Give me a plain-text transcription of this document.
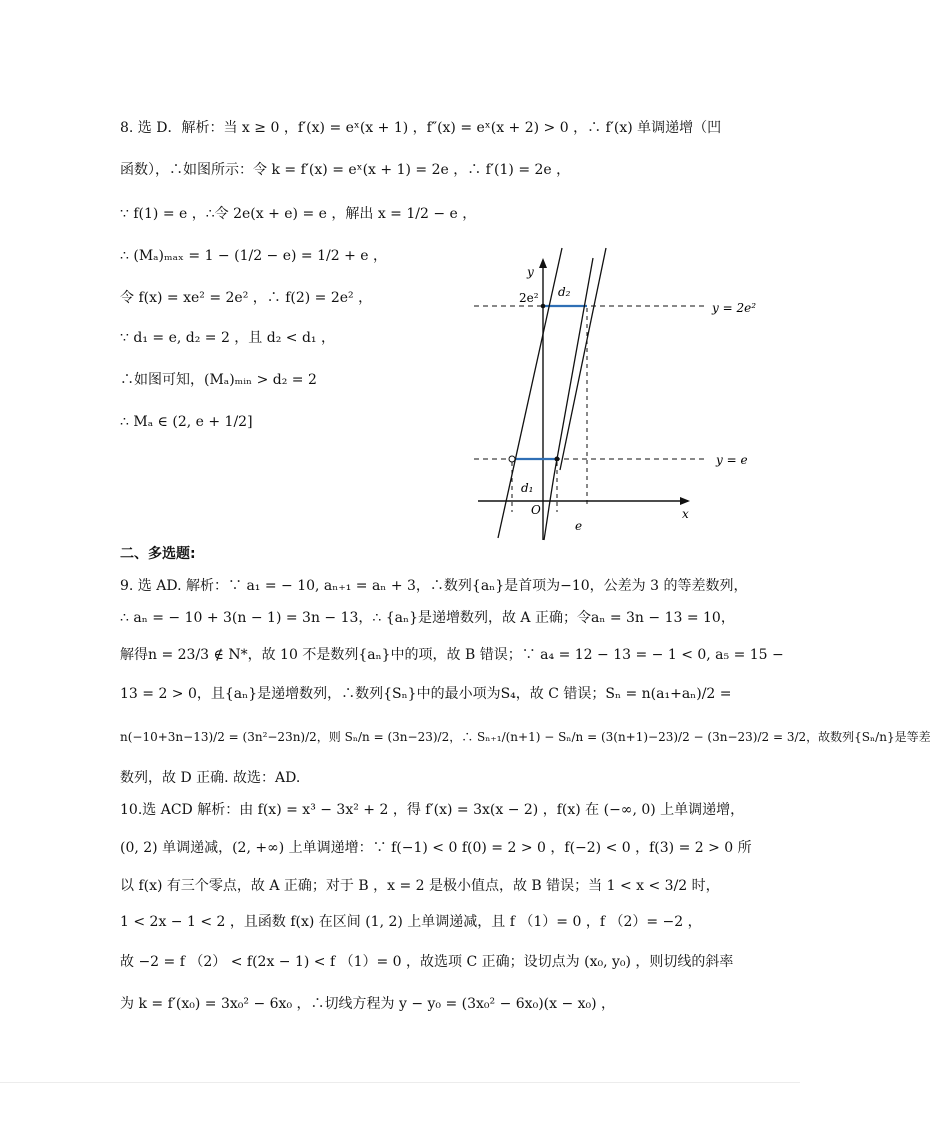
8. 选 D．解析：当 x ≥ 0 ，f′(x) = eˣ(x + 1) ，f″(x) = eˣ(x + 2) > 0 ，∴ f′(x) 单调递增（凹
函数），∴如图所示：令 k = f′(x) = eˣ(x + 1) = 2e ，∴ f′(1) = 2e ，
∵ f(1) = e ，∴令 2e(x + e) = e ，解出 x = 1/2 − e ，
∴ (Mₐ)ₘₐₓ = 1 − (1/2 − e) = 1/2 + e ，
令 f(x) = xe² = 2e² ，∴ f(2) = 2e² ，
∵ d₁ = e, d₂ = 2 ，且 d₂ < d₁ ，
∴如图可知，(Mₐ)ₘᵢₙ > d₂ = 2
∴ Mₐ ∈ (2, e + 1/2]
y
x
O
2e² d₂
d₁
e
y = 2e²
y = e
二、多选题:
9. 选 AD. 解析：∵ a₁ = − 10, aₙ₊₁ = aₙ + 3，∴数列{aₙ}是首项为−10，公差为 3 的等差数列，
∴ aₙ = − 10 + 3(n − 1) = 3n − 13，∴ {aₙ}是递增数列，故 A 正确；令aₙ = 3n − 13 = 10，
解得n = 23/3 ∉ N*，故 10 不是数列{aₙ}中的项，故 B 错误；∵ a₄ = 12 − 13 = − 1 < 0, a₅ = 15 −
13 = 2 > 0，且{aₙ}是递增数列，∴数列{Sₙ}中的最小项为S₄，故 C 错误；Sₙ = n(a₁+aₙ)/2 =
n(−10+3n−13)/2 = (3n²−23n)/2，则 Sₙ/n = (3n−23)/2，∴ Sₙ₊₁/(n+1) − Sₙ/n = (3(n+1)−23)/2 − (3n−23)/2 = 3/2，故数列{Sₙ/n}是等差
数列，故 D 正确. 故选：AD.
10.选 ACD 解析：由 f(x) = x³ − 3x² + 2 ，得 f′(x) = 3x(x − 2) ，f(x) 在 (−∞, 0) 上单调递增，
(0, 2) 单调递减，(2, +∞) 上单调递增：∵ f(−1) < 0 f(0) = 2 > 0 ，f(−2) < 0 ，f(3) = 2 > 0 所
以 f(x) 有三个零点，故 A 正确；对于 B ，x = 2 是极小值点，故 B 错误；当 1 < x < 3/2 时，
1 < 2x − 1 < 2 ，且函数 f(x) 在区间 (1, 2) 上单调递减，且 f （1）= 0 ，f （2）= −2 ，
故 −2 = f （2） < f(2x − 1) < f （1）= 0 ，故选项 C 正确；设切点为 (x₀, y₀) ，则切线的斜率
为 k = f′(x₀) = 3x₀² − 6x₀ ，∴切线方程为 y − y₀ = (3x₀² − 6x₀)(x − x₀) ，
